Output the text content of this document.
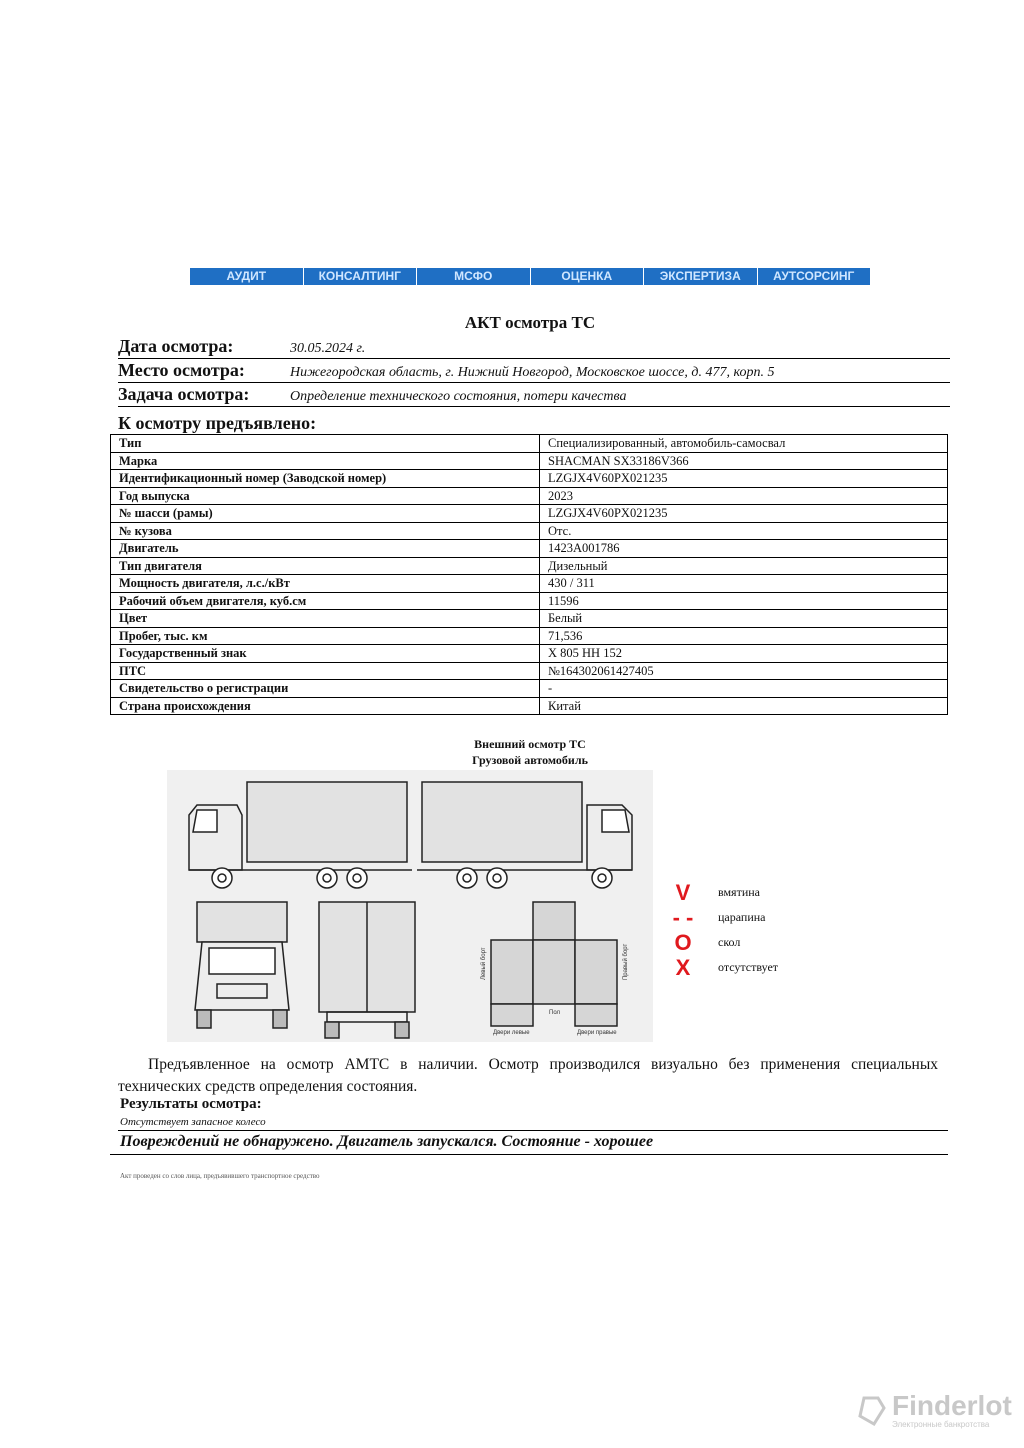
АУДИТ	КОНСАЛТИНГ	МСФО	ОЦЕНКА	ЭКСПЕРТИЗА	АУТСОРСИНГ
АКТ осмотра ТС
Дата осмотра:	30.05.2024 г.
Место осмотра:	Нижегородская область, г. Нижний Новгород, Московское шоссе, д. 477, корп. 5
Задача осмотра:	Определение технического состояния, потери качества
К осмотру предъявлено:
Тип	Специализированный, автомобиль-самосвал
Марка	SHACMAN SX33186V366
Идентификационный номер (Заводской номер)	LZGJX4V60PX021235
Год выпуска	2023
№ шасси (рамы)	LZGJX4V60PX021235
№ кузова	Отс.
Двигатель	1423A001786
Тип двигателя	Дизельный
Мощность двигателя, л.с./кВт	430 / 311
Рабочий объем двигателя, куб.см	11596
Цвет	Белый
Пробег, тыс. км	71,536
Государственный знак	Х 805 НН 152
ПТС	№164302061427405
Свидетельство о регистрации	-
Страна происхождения	Китай
Внешний осмотр ТС
Грузовой автомобиль
Левый борт	Правый борт
Пол
Двери левые	Двери правые
V	вмятина
- -	царапина
O	скол
X	отсутствует
Предъявленное на осмотр АМТС в наличии. Осмотр производился визуально без применения специальных технических средств определения состояния.
Результаты осмотра:
Отсутствует запасное колесо
Повреждений не обнаружено. Двигатель запускался. Состояние - хорошее
Акт проведен со слов лица, предъявившего транспортное средство
Finderlot
Электронные банкротства
